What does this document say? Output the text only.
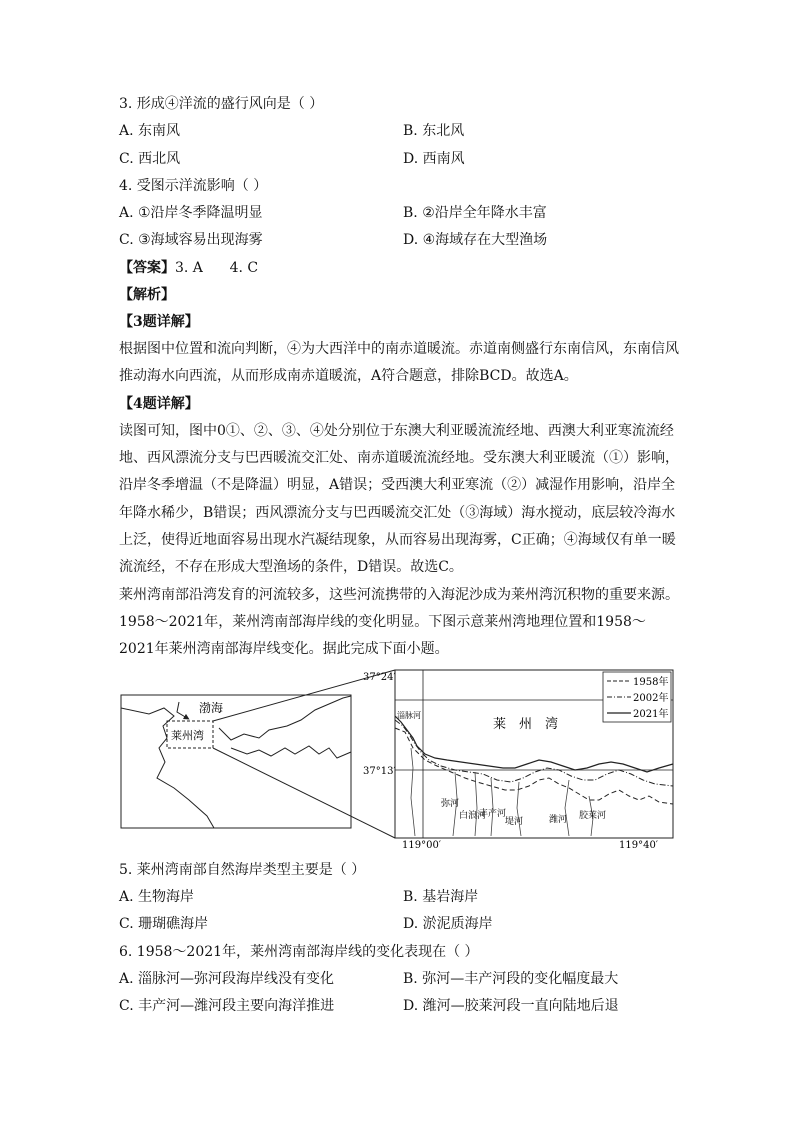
3. 形成④洋流的盛行风向是（ ）
A. 东南风	B. 东北风
C. 西北风	D. 西南风
4. 受图示洋流影响（ ）
A. ①沿岸冬季降温明显	B. ②沿岸全年降水丰富
C. ③海域容易出现海雾	D. ④海域存在大型渔场
【答案】3. A      4. C
【解析】
【3题详解】
根据图中位置和流向判断，④为大西洋中的南赤道暖流。赤道南侧盛行东南信风，东南信风推动海水向西流，从而形成南赤道暖流，A符合题意，排除BCD。故选A。
【4题详解】
读图可知，图中0①、②、③、④处分别位于东澳大利亚暖流流经地、西澳大利亚寒流流经地、西风漂流分支与巴西暖流交汇处、南赤道暖流流经地。受东澳大利亚暖流（①）影响，沿岸冬季增温（不是降温）明显，A错误；受西澳大利亚寒流（②）减湿作用影响，沿岸全年降水稀少，B错误；西风漂流分支与巴西暖流交汇处（③海域）海水搅动，底层较冷海水上泛，使得近地面容易出现水汽凝结现象，从而容易出现海雾，C正确；④海域仅有单一暖流流经，不存在形成大型渔场的条件，D错误。故选C。
莱州湾南部沿湾发育的河流较多，这些河流携带的入海泥沙成为莱州湾沉积物的重要来源。1958～2021年，莱州湾南部海岸线的变化明显。下图示意莱州湾地理位置和1958～2021年莱州湾南部海岸线变化。据此完成下面小题。
渤海
莱州湾
37°24′
37°13′
119°00′	119°40′
莱　州　湾
淄脉河
弥河
白浪河
丰产河
堤河	潍河 胶莱河
1958年
2002年
2021年
5. 莱州湾南部自然海岸类型主要是（ ）
A. 生物海岸	B. 基岩海岸
C. 珊瑚礁海岸	D. 淤泥质海岸
6. 1958～2021年，莱州湾南部海岸线的变化表现在（ ）
A. 淄脉河—弥河段海岸线没有变化	B. 弥河—丰产河段的变化幅度最大
C. 丰产河—潍河段主要向海洋推进	D. 潍河—胶莱河段一直向陆地后退
